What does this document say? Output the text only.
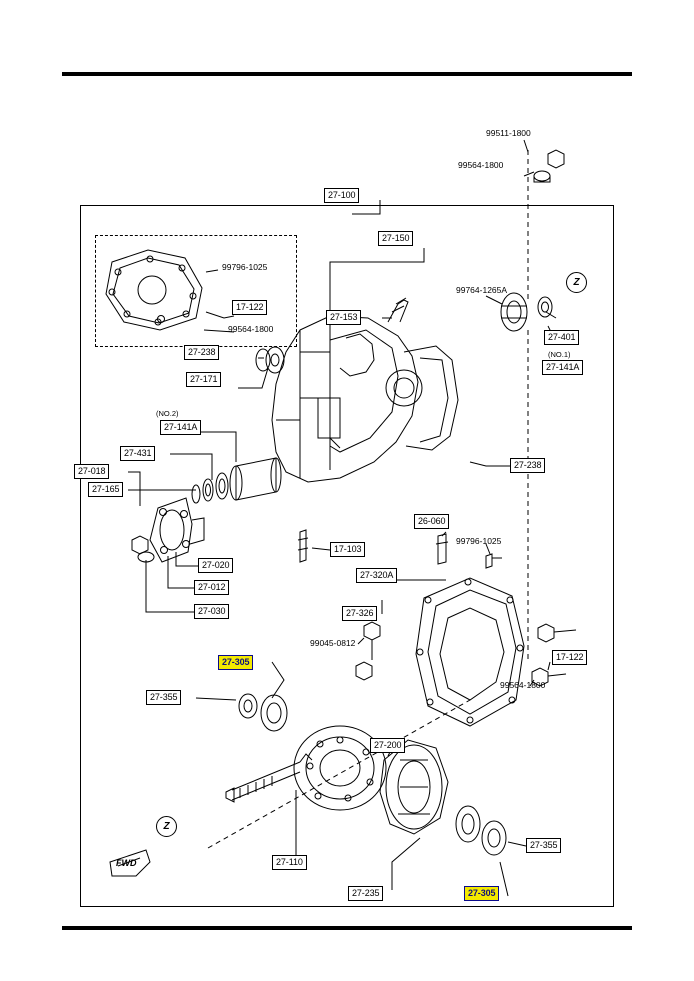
99511-1800
99564-1800
27-100
27-150
27-153
99764-1265A
27-401
(NO.1)
27-141A
99796-1025
17-122
99564-1800
27-238
27-171
(NO.2)
27-141A
27-431
27-018
27-165
27-020
27-012
27-030
27-238
26-060
99796-1025
17-103
27-320A
27-326
99045-0812
17-122
99564-1800
27-305
27-355
27-200
27-110
27-235	27-305
27-355
Z
Z
FWD
